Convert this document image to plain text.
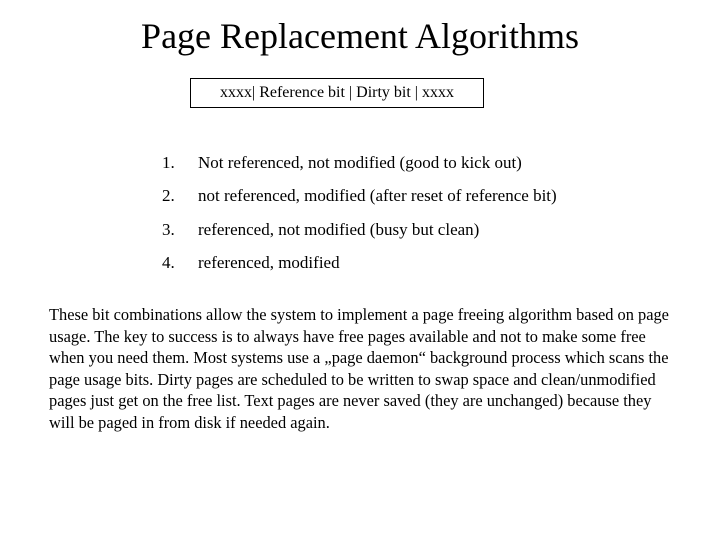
Page Replacement Algorithms
xxxx| Reference bit | Dirty bit | xxxx
1.	Not referenced, not modified (good to kick out)
2.	not referenced, modified (after reset of reference bit)
3.	referenced, not modified (busy but clean)
4.	referenced, modified

These bit combinations allow the system to implement a page freeing algorithm based on page usage. The key to success is to always have free pages available and not to make some free when you need them. Most systems use a „page daemon“ background process which scans the page usage bits. Dirty pages are scheduled to be written to swap space and clean/unmodified pages just get on the free list. Text pages are never saved (they are unchanged) because they will be paged in from disk if needed again.
